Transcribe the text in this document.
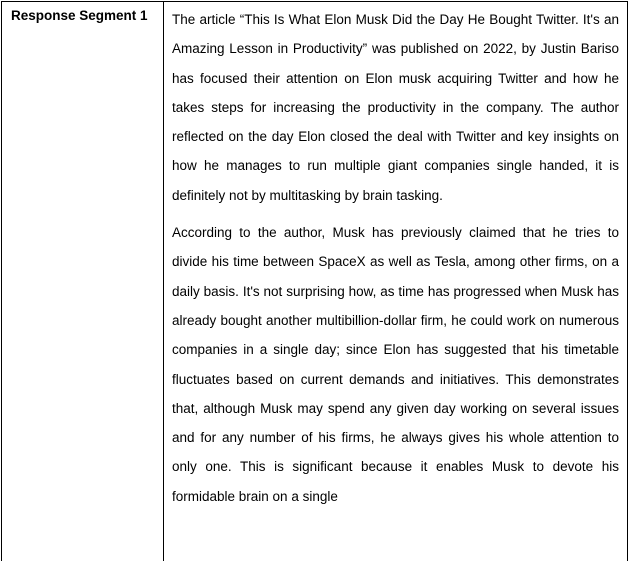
Response Segment 1	The article “This Is What Elon Musk Did the Day He Bought Twitter. It's an Amazing Lesson in Productivity” was published on 2022, by Justin Bariso has focused their attention on Elon musk acquiring Twitter and how he takes steps for increasing the productivity in the company. The author reflected on the day Elon closed the deal with Twitter and key insights on how he manages to run multiple giant companies single handed, it is definitely not by multitasking by brain tasking.

According to the author, Musk has previously claimed that he tries to divide his time between SpaceX as well as Tesla, among other firms, on a daily basis. It's not surprising how, as time has progressed when Musk has already bought another multibillion-dollar firm, he could work on numerous companies in a single day; since Elon has suggested that his timetable fluctuates based on current demands and initiatives. This demonstrates that, although Musk may spend any given day working on several issues and for any number of his firms, he always gives his whole attention to only one. This is significant because it enables Musk to devote his formidable brain on a single
